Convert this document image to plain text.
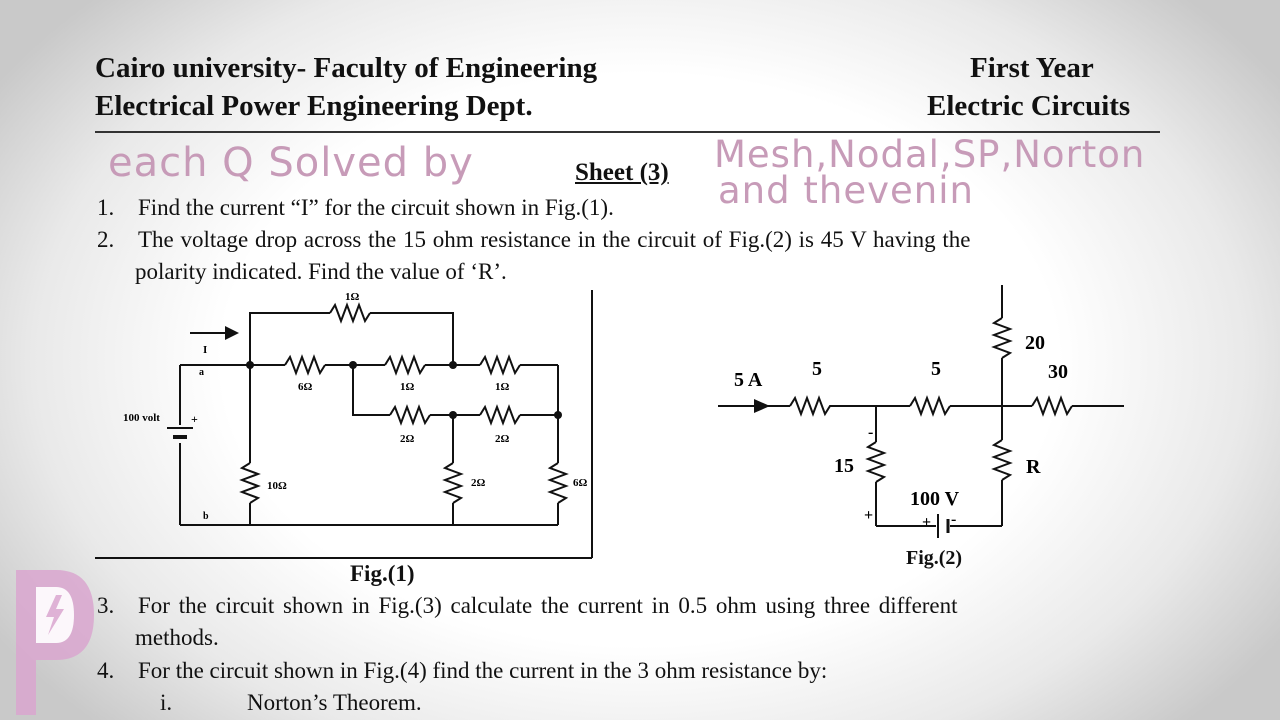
Cairo university- Faculty of Engineering
Electrical Power Engineering Dept.
First Year
Electric Circuits
each Q Solved by	Mesh,Nodal,SP,Norton
and thevenin
Sheet (3)
1. Find the current “I” for the circuit shown in Fig.(1).
2. The voltage drop across the 15 ohm resistance in the circuit of Fig.(2) is 45 V having the
polarity indicated. Find the value of ‘R’.
1Ω
6Ω	1Ω	1Ω
2Ω	2Ω
10Ω	2Ω	6Ω
100 volt	+
I
a
b
Fig.(1)
5 A 5	5
20
30
15	R
100 V
-
+	+ -
Fig.(2)
3. For the circuit shown in Fig.(3) calculate the current in 0.5 ohm using three different
methods.
4. For the circuit shown in Fig.(4) find the current in the 3 ohm resistance by:
i.	Norton’s Theorem.
